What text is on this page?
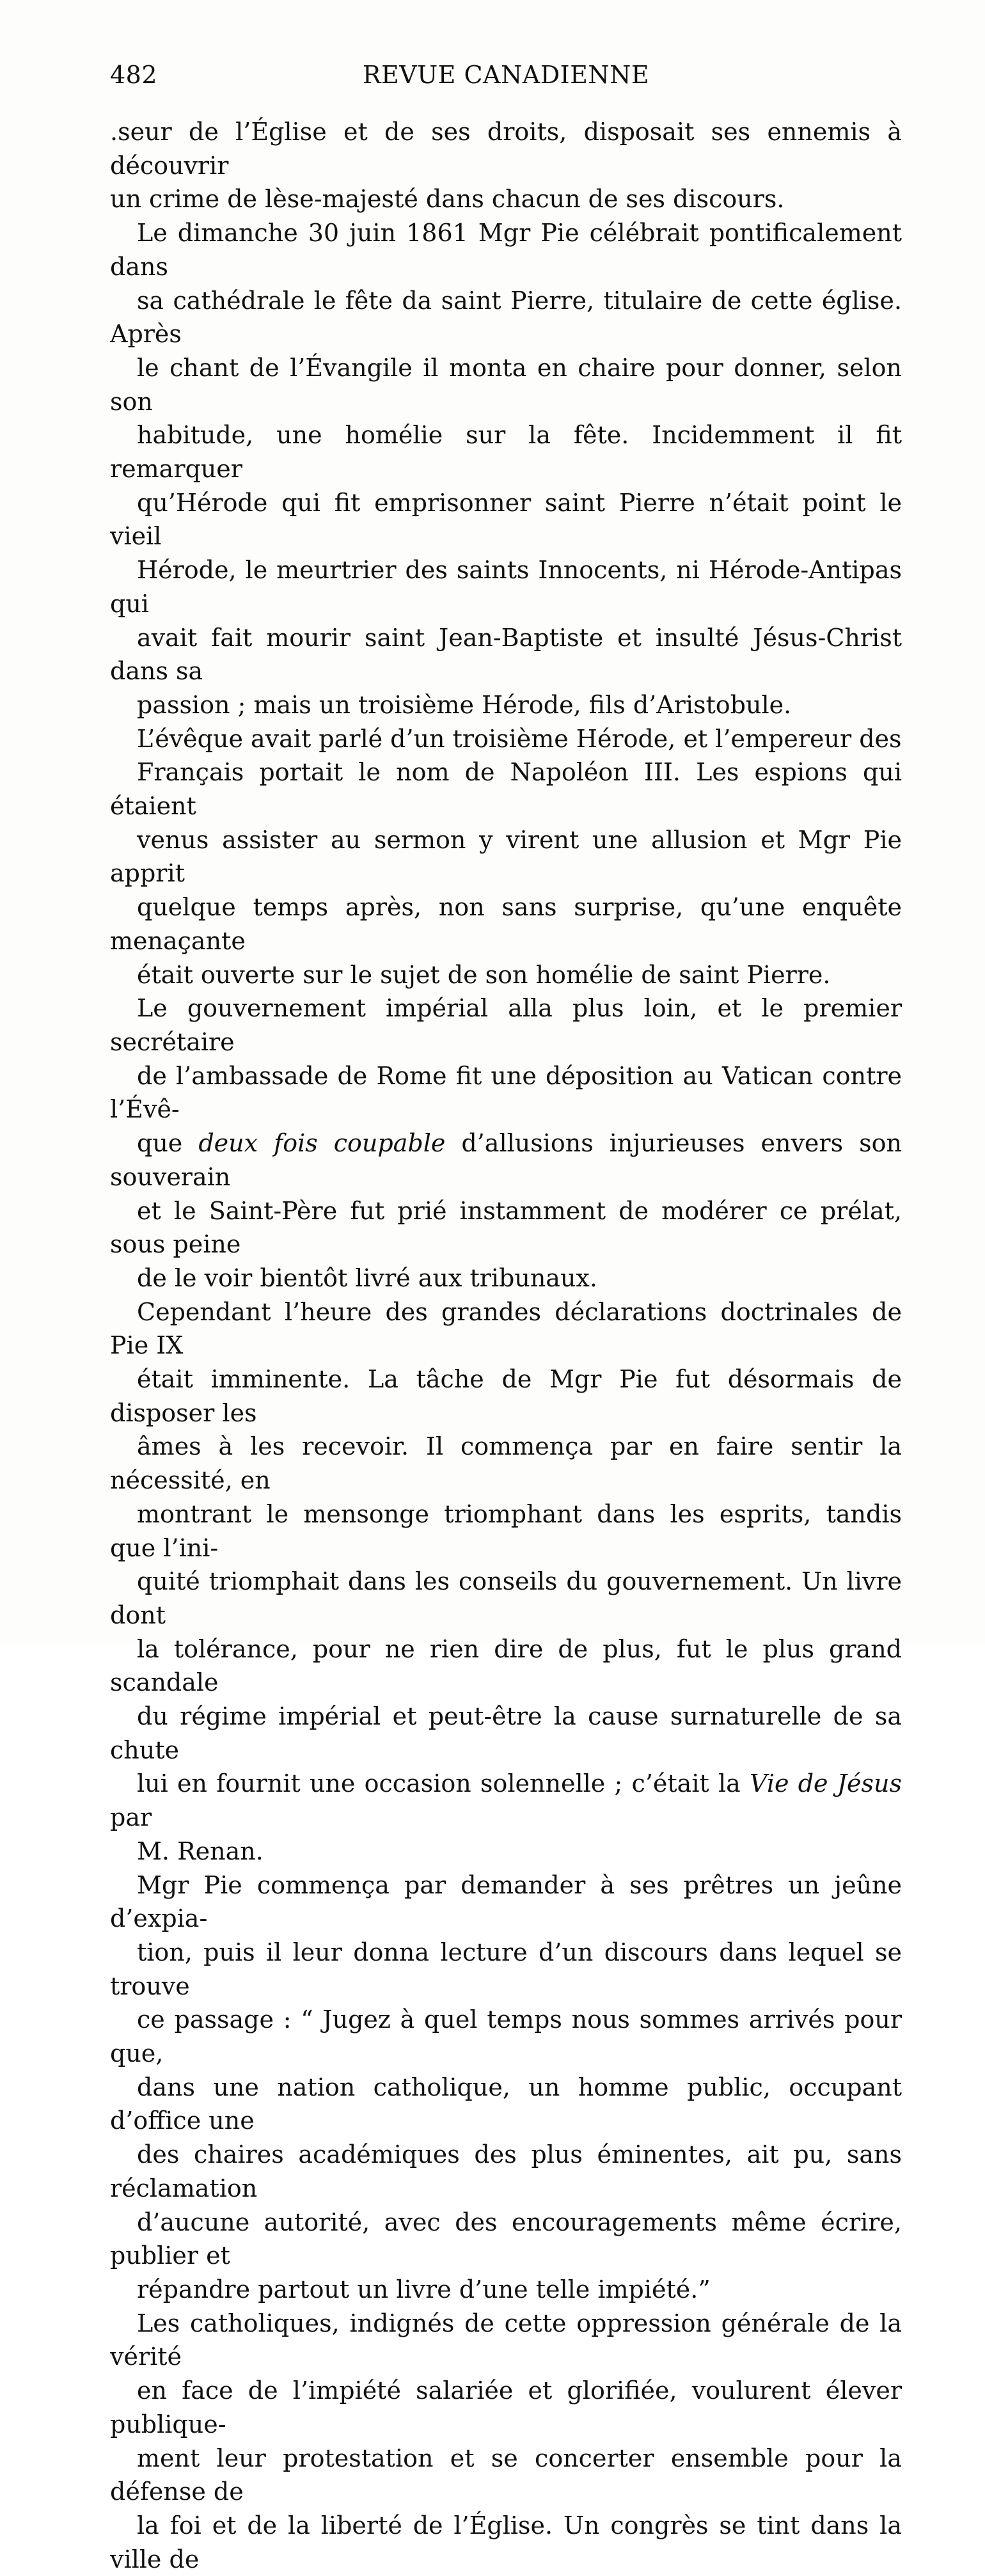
482	REVUE CANADIENNE

.seur de l’Église et de ses droits, disposait ses ennemis à découvrir
un crime de lèse-majesté dans chacun de ses discours.

Le dimanche 30 juin 1861 Mgr Pie célébrait pontificalement dans
sa cathédrale le fête da saint Pierre, titulaire de cette église. Après
le chant de l’Évangile il monta en chaire pour donner, selon son
habitude, une homélie sur la fête. Incidemment il fit remarquer
qu’Hérode qui fit emprisonner saint Pierre n’était point le vieil
Hérode, le meurtrier des saints Innocents, ni Hérode-Antipas qui
avait fait mourir saint Jean-Baptiste et insulté Jésus-Christ dans sa
passion ; mais un troisième Hérode, fils d’Aristobule.

L’évêque avait parlé d’un troisième Hérode, et l’empereur des
Français portait le nom de Napoléon III. Les espions qui étaient
venus assister au sermon y virent une allusion et Mgr Pie apprit
quelque temps après, non sans surprise, qu’une enquête menaçante
était ouverte sur le sujet de son homélie de saint Pierre.

Le gouvernement impérial alla plus loin, et le premier secrétaire
de l’ambassade de Rome fit une déposition au Vatican contre l’Évê-
que deux fois coupable d’allusions injurieuses envers son souverain
et le Saint-Père fut prié instamment de modérer ce prélat, sous peine
de le voir bientôt livré aux tribunaux.

Cependant l’heure des grandes déclarations doctrinales de Pie IX
était imminente. La tâche de Mgr Pie fut désormais de disposer les
âmes à les recevoir. Il commença par en faire sentir la nécessité, en
montrant le mensonge triomphant dans les esprits, tandis que l’ini-
quité triomphait dans les conseils du gouvernement. Un livre dont
la tolérance, pour ne rien dire de plus, fut le plus grand scandale
du régime impérial et peut-être la cause surnaturelle de sa chute
lui en fournit une occasion solennelle ; c’était la Vie de Jésus par
M. Renan.

Mgr Pie commença par demander à ses prêtres un jeûne d’expia-
tion, puis il leur donna lecture d’un discours dans lequel se trouve
ce passage : “ Jugez à quel temps nous sommes arrivés pour que,
dans une nation catholique, un homme public, occupant d’office une
des chaires académiques des plus éminentes, ait pu, sans réclamation
d’aucune autorité, avec des encouragements même écrire, publier et
répandre partout un livre d’une telle impiété.”

Les catholiques, indignés de cette oppression générale de la vérité
en face de l’impiété salariée et glorifiée, voulurent élever publique-
ment leur protestation et se concerter ensemble pour la défense de
la foi et de la liberté de l’Église. Un congrès se tint dans la ville de
